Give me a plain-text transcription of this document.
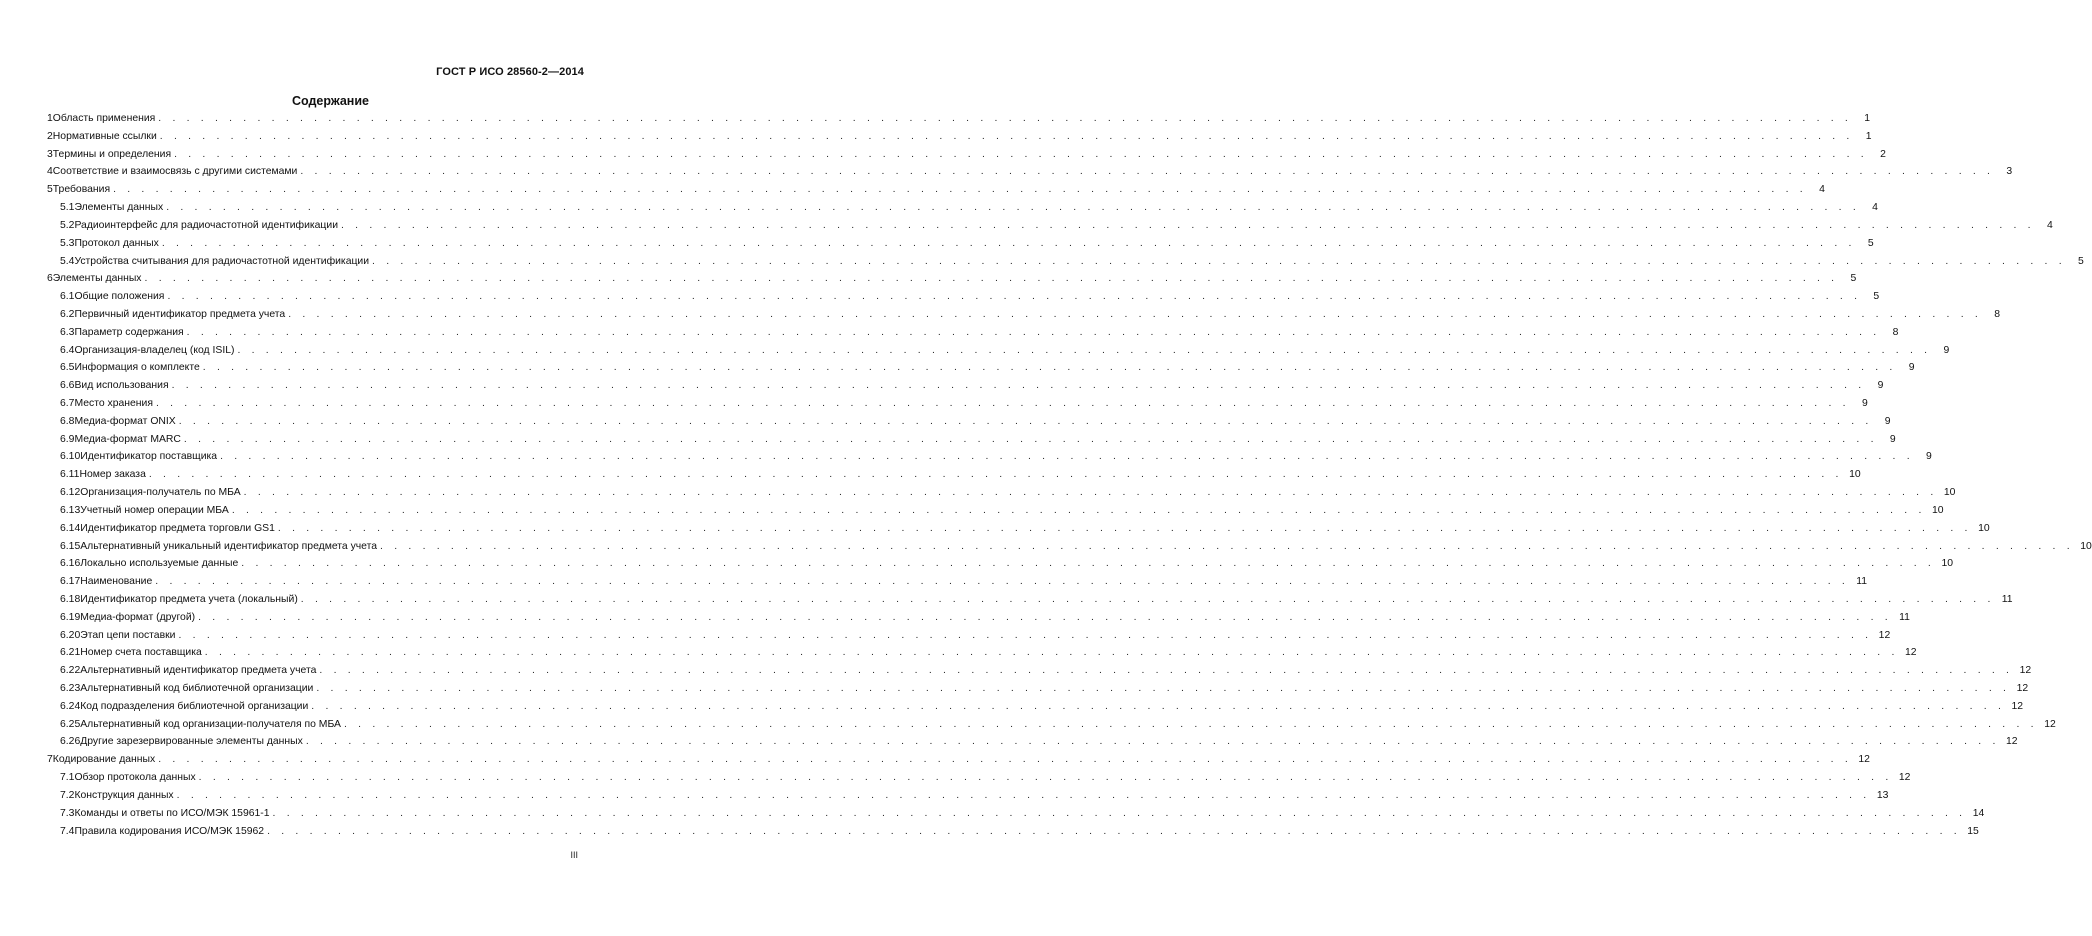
ГОСТ Р ИСО 28560-2—2014
Содержание
1 Область применения . . . . . . . . . . . . . . . . . . . . . . . . . . . . . . . . . . . . . . . . . . . . . . . . . . . . . . . . . . . . . . . . . . . . . . . . . . . . . . . . . . . . . . . . . . . . . . . . . . . . . . . . . . . . . . . . . . . . . . . .	1
2 Нормативные ссылки . . . . . . . . . . . . . . . . . . . . . . . . . . . . . . . . . . . . . . . . . . . . . . . . . . . . . . . . . . . . . . . . . . . . . . . . . . . . . . . . . . . . . . . . . . . . . . . . . . . . . . . . . . . . . . . . . . . . . . . .	1
3 Термины и определения . . . . . . . . . . . . . . . . . . . . . . . . . . . . . . . . . . . . . . . . . . . . . . . . . . . . . . . . . . . . . . . . . . . . . . . . . . . . . . . . . . . . . . . . . . . . . . . . . . . . . . . . . . . . . . . . . . . . . . . .	2
4 Соответствие и взаимосвязь с другими системами . . . . . . . . . . . . . . . . . . . . . . . . . . . . . . . . . . . . . . . . . . . . . . . . . . . . . . . . . . . . . . . . . . . . . . . . . . . . . . . . . . . . . . . . . . . . . . . . . . . . . . . . . . . . . . . . . . . . . . . .	3
5 Требования . . . . . . . . . . . . . . . . . . . . . . . . . . . . . . . . . . . . . . . . . . . . . . . . . . . . . . . . . . . . . . . . . . . . . . . . . . . . . . . . . . . . . . . . . . . . . . . . . . . . . . . . . . . . . . . . . . . . . . . .	4
5.1 Элементы данных . . . . . . . . . . . . . . . . . . . . . . . . . . . . . . . . . . . . . . . . . . . . . . . . . . . . . . . . . . . . . . . . . . . . . . . . . . . . . . . . . . . . . . . . . . . . . . . . . . . . . . . . . . . . . . . . . . . . . . . .	4
5.2 Радиоинтерфейс для радиочастотной идентификации . . . . . . . . . . . . . . . . . . . . . . . . . . . . . . . . . . . . . . . . . . . . . . . . . . . . . . . . . . . . . . . . . . . . . . . . . . . . . . . . . . . . . . . . . . . . . . . . . . . . . . . . . . . . . . . . . . . . . . . .	4
5.3 Протокол данных . . . . . . . . . . . . . . . . . . . . . . . . . . . . . . . . . . . . . . . . . . . . . . . . . . . . . . . . . . . . . . . . . . . . . . . . . . . . . . . . . . . . . . . . . . . . . . . . . . . . . . . . . . . . . . . . . . . . . . . .	5
5.4 Устройства считывания для радиочастотной идентификации . . . . . . . . . . . . . . . . . . . . . . . . . . . . . . . . . . . . . . . . . . . . . . . . . . . . . . . . . . . . . . . . . . . . . . . . . . . . . . . . . . . . . . . . . . . . . . . . . . . . . . . . . . . . . . . . . . . . . . . .	5
6 Элементы данных . . . . . . . . . . . . . . . . . . . . . . . . . . . . . . . . . . . . . . . . . . . . . . . . . . . . . . . . . . . . . . . . . . . . . . . . . . . . . . . . . . . . . . . . . . . . . . . . . . . . . . . . . . . . . . . . . . . . . . . .	5
6.1 Общие положения . . . . . . . . . . . . . . . . . . . . . . . . . . . . . . . . . . . . . . . . . . . . . . . . . . . . . . . . . . . . . . . . . . . . . . . . . . . . . . . . . . . . . . . . . . . . . . . . . . . . . . . . . . . . . . . . . . . . . . . .	5
6.2 Первичный идентификатор предмета учета . . . . . . . . . . . . . . . . . . . . . . . . . . . . . . . . . . . . . . . . . . . . . . . . . . . . . . . . . . . . . . . . . . . . . . . . . . . . . . . . . . . . . . . . . . . . . . . . . . . . . . . . . . . . . . . . . . . . . . . .	8
6.3 Параметр содержания . . . . . . . . . . . . . . . . . . . . . . . . . . . . . . . . . . . . . . . . . . . . . . . . . . . . . . . . . . . . . . . . . . . . . . . . . . . . . . . . . . . . . . . . . . . . . . . . . . . . . . . . . . . . . . . . . . . . . . . .	8
6.4 Организация-владелец (код ISIL) . . . . . . . . . . . . . . . . . . . . . . . . . . . . . . . . . . . . . . . . . . . . . . . . . . . . . . . . . . . . . . . . . . . . . . . . . . . . . . . . . . . . . . . . . . . . . . . . . . . . . . . . . . . . . . . . . . . . . . . .	9
6.5 Информация о комплекте . . . . . . . . . . . . . . . . . . . . . . . . . . . . . . . . . . . . . . . . . . . . . . . . . . . . . . . . . . . . . . . . . . . . . . . . . . . . . . . . . . . . . . . . . . . . . . . . . . . . . . . . . . . . . . . . . . . . . . . .	9
6.6 Вид использования . . . . . . . . . . . . . . . . . . . . . . . . . . . . . . . . . . . . . . . . . . . . . . . . . . . . . . . . . . . . . . . . . . . . . . . . . . . . . . . . . . . . . . . . . . . . . . . . . . . . . . . . . . . . . . . . . . . . . . . .	9
6.7 Место хранения . . . . . . . . . . . . . . . . . . . . . . . . . . . . . . . . . . . . . . . . . . . . . . . . . . . . . . . . . . . . . . . . . . . . . . . . . . . . . . . . . . . . . . . . . . . . . . . . . . . . . . . . . . . . . . . . . . . . . . . .	9
6.8 Медиа-формат ONIX . . . . . . . . . . . . . . . . . . . . . . . . . . . . . . . . . . . . . . . . . . . . . . . . . . . . . . . . . . . . . . . . . . . . . . . . . . . . . . . . . . . . . . . . . . . . . . . . . . . . . . . . . . . . . . . . . . . . . . . .	9
6.9 Медиа-формат MARC . . . . . . . . . . . . . . . . . . . . . . . . . . . . . . . . . . . . . . . . . . . . . . . . . . . . . . . . . . . . . . . . . . . . . . . . . . . . . . . . . . . . . . . . . . . . . . . . . . . . . . . . . . . . . . . . . . . . . . . .	9
6.10 Идентификатор поставщика . . . . . . . . . . . . . . . . . . . . . . . . . . . . . . . . . . . . . . . . . . . . . . . . . . . . . . . . . . . . . . . . . . . . . . . . . . . . . . . . . . . . . . . . . . . . . . . . . . . . . . . . . . . . . . . . . . . . . . . .	9
6.11 Номер заказа . . . . . . . . . . . . . . . . . . . . . . . . . . . . . . . . . . . . . . . . . . . . . . . . . . . . . . . . . . . . . . . . . . . . . . . . . . . . . . . . . . . . . . . . . . . . . . . . . . . . . . . . . . . . . . . . . . . . . . . . 10
6.12 Организация-получатель по МБА . . . . . . . . . . . . . . . . . . . . . . . . . . . . . . . . . . . . . . . . . . . . . . . . . . . . . . . . . . . . . . . . . . . . . . . . . . . . . . . . . . . . . . . . . . . . . . . . . . . . . . . . . . . . . . . . . . . . . . . . 10
6.13 Учетный номер операции МБА . . . . . . . . . . . . . . . . . . . . . . . . . . . . . . . . . . . . . . . . . . . . . . . . . . . . . . . . . . . . . . . . . . . . . . . . . . . . . . . . . . . . . . . . . . . . . . . . . . . . . . . . . . . . . . . . . . . . . . . . 10
6.14 Идентификатор предмета торговли GS1 . . . . . . . . . . . . . . . . . . . . . . . . . . . . . . . . . . . . . . . . . . . . . . . . . . . . . . . . . . . . . . . . . . . . . . . . . . . . . . . . . . . . . . . . . . . . . . . . . . . . . . . . . . . . . . . . . . . . . . . . 10
6.15 Альтернативный уникальный идентификатор предмета учета . . . . . . . . . . . . . . . . . . . . . . . . . . . . . . . . . . . . . . . . . . . . . . . . . . . . . . . . . . . . . . . . . . . . . . . . . . . . . . . . . . . . . . . . . . . . . . . . . . . . . . . . . . . . . . . . . . . . . . . . 10
6.16 Локально используемые данные . . . . . . . . . . . . . . . . . . . . . . . . . . . . . . . . . . . . . . . . . . . . . . . . . . . . . . . . . . . . . . . . . . . . . . . . . . . . . . . . . . . . . . . . . . . . . . . . . . . . . . . . . . . . . . . . . . . . . . . . 10
6.17 Наименование . . . . . . . . . . . . . . . . . . . . . . . . . . . . . . . . . . . . . . . . . . . . . . . . . . . . . . . . . . . . . . . . . . . . . . . . . . . . . . . . . . . . . . . . . . . . . . . . . . . . . . . . . . . . . . . . . . . . . . . . 11
6.18 Идентификатор предмета учета (локальный) . . . . . . . . . . . . . . . . . . . . . . . . . . . . . . . . . . . . . . . . . . . . . . . . . . . . . . . . . . . . . . . . . . . . . . . . . . . . . . . . . . . . . . . . . . . . . . . . . . . . . . . . . . . . . . . . . . . . . . . . 11
6.19 Медиа-формат (другой) . . . . . . . . . . . . . . . . . . . . . . . . . . . . . . . . . . . . . . . . . . . . . . . . . . . . . . . . . . . . . . . . . . . . . . . . . . . . . . . . . . . . . . . . . . . . . . . . . . . . . . . . . . . . . . . . . . . . . . . . 11
6.20 Этап цепи поставки . . . . . . . . . . . . . . . . . . . . . . . . . . . . . . . . . . . . . . . . . . . . . . . . . . . . . . . . . . . . . . . . . . . . . . . . . . . . . . . . . . . . . . . . . . . . . . . . . . . . . . . . . . . . . . . . . . . . . . . . 12
6.21 Номер счета поставщика . . . . . . . . . . . . . . . . . . . . . . . . . . . . . . . . . . . . . . . . . . . . . . . . . . . . . . . . . . . . . . . . . . . . . . . . . . . . . . . . . . . . . . . . . . . . . . . . . . . . . . . . . . . . . . . . . . . . . . . . 12
6.22 Альтернативный идентификатор предмета учета . . . . . . . . . . . . . . . . . . . . . . . . . . . . . . . . . . . . . . . . . . . . . . . . . . . . . . . . . . . . . . . . . . . . . . . . . . . . . . . . . . . . . . . . . . . . . . . . . . . . . . . . . . . . . . . . . . . . . . . . 12
6.23 Альтернативный код библиотечной организации . . . . . . . . . . . . . . . . . . . . . . . . . . . . . . . . . . . . . . . . . . . . . . . . . . . . . . . . . . . . . . . . . . . . . . . . . . . . . . . . . . . . . . . . . . . . . . . . . . . . . . . . . . . . . . . . . . . . . . . . 12
6.24 Код подразделения библиотечной организации . . . . . . . . . . . . . . . . . . . . . . . . . . . . . . . . . . . . . . . . . . . . . . . . . . . . . . . . . . . . . . . . . . . . . . . . . . . . . . . . . . . . . . . . . . . . . . . . . . . . . . . . . . . . . . . . . . . . . . . . 12
6.25 Альтернативный код организации-получателя по МБА . . . . . . . . . . . . . . . . . . . . . . . . . . . . . . . . . . . . . . . . . . . . . . . . . . . . . . . . . . . . . . . . . . . . . . . . . . . . . . . . . . . . . . . . . . . . . . . . . . . . . . . . . . . . . . . . . . . . . . . . 12
6.26 Другие зарезервированные элементы данных . . . . . . . . . . . . . . . . . . . . . . . . . . . . . . . . . . . . . . . . . . . . . . . . . . . . . . . . . . . . . . . . . . . . . . . . . . . . . . . . . . . . . . . . . . . . . . . . . . . . . . . . . . . . . . . . . . . . . . . . 12
7 Кодирование данных . . . . . . . . . . . . . . . . . . . . . . . . . . . . . . . . . . . . . . . . . . . . . . . . . . . . . . . . . . . . . . . . . . . . . . . . . . . . . . . . . . . . . . . . . . . . . . . . . . . . . . . . . . . . . . . . . . . . . . . . 12
7.1 Обзор протокола данных . . . . . . . . . . . . . . . . . . . . . . . . . . . . . . . . . . . . . . . . . . . . . . . . . . . . . . . . . . . . . . . . . . . . . . . . . . . . . . . . . . . . . . . . . . . . . . . . . . . . . . . . . . . . . . . . . . . . . . . . 12
7.2 Конструкция данных . . . . . . . . . . . . . . . . . . . . . . . . . . . . . . . . . . . . . . . . . . . . . . . . . . . . . . . . . . . . . . . . . . . . . . . . . . . . . . . . . . . . . . . . . . . . . . . . . . . . . . . . . . . . . . . . . . . . . . . . 13
7.3 Команды и ответы по ИСО/МЭК 15961-1 . . . . . . . . . . . . . . . . . . . . . . . . . . . . . . . . . . . . . . . . . . . . . . . . . . . . . . . . . . . . . . . . . . . . . . . . . . . . . . . . . . . . . . . . . . . . . . . . . . . . . . . . . . . . . . . . . . . . . . . . 14
7.4 Правила кодирования ИСО/МЭК 15962 . . . . . . . . . . . . . . . . . . . . . . . . . . . . . . . . . . . . . . . . . . . . . . . . . . . . . . . . . . . . . . . . . . . . . . . . . . . . . . . . . . . . . . . . . . . . . . . . . . . . . . . . . . . . . . . . . . . . . . . . 15
III
